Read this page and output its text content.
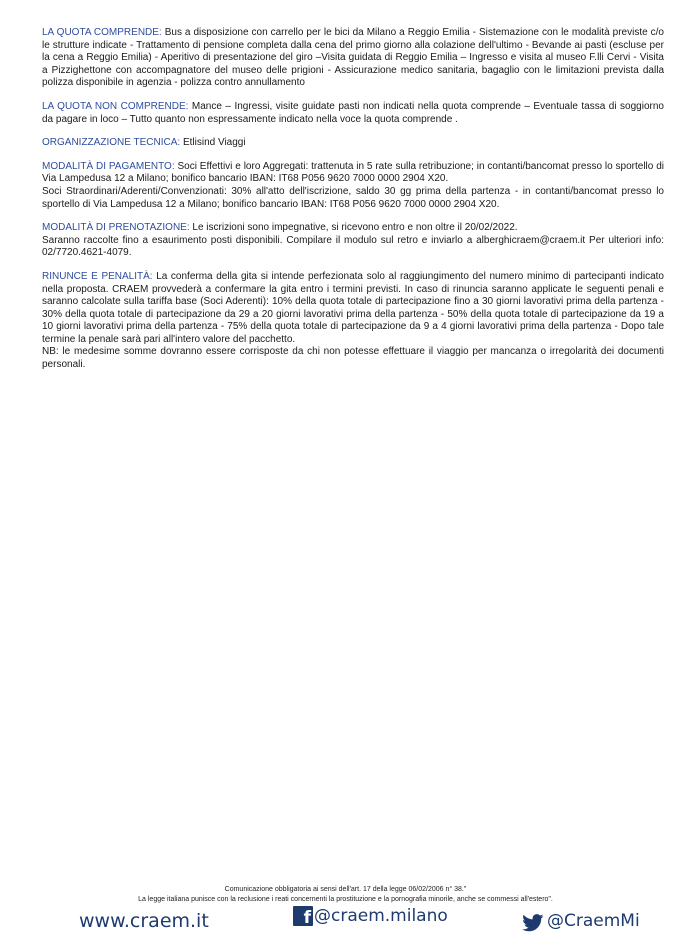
LA QUOTA COMPRENDE: Bus a disposizione con carrello per le bici da Milano a Reggio Emilia - Sistemazione con le modalità previste c/o le strutture indicate - Trattamento di pensione completa dalla cena del primo giorno alla colazione dell'ultimo - Bevande ai pasti (escluse per la cena a Reggio Emilia) - Aperitivo di presentazione del giro –Visita guidata di Reggio Emilia – Ingresso e visita al museo F.lli Cervi - Visita a Pizzighettone con accompagnatore del museo delle prigioni - Assicurazione medico sanitaria, bagaglio con le limitazioni prevista dalla polizza disponibile in agenzia - polizza contro annullamento

LA QUOTA NON COMPRENDE: Mance – Ingressi, visite guidate pasti non indicati nella quota comprende – Eventuale tassa di soggiorno da pagare in loco – Tutto quanto non espressamente indicato nella voce la quota comprende .

ORGANIZZAZIONE TECNICA: Etlisind Viaggi

MODALITÀ DI PAGAMENTO: Soci Effettivi e loro Aggregati: trattenuta in 5 rate sulla retribuzione; in contanti/bancomat presso lo sportello di Via Lampedusa 12 a Milano; bonifico bancario IBAN: IT68 P056 9620 7000 0000 2904 X20.
Soci Straordinari/Aderenti/Convenzionati: 30% all'atto dell'iscrizione, saldo 30 gg prima della partenza - in contanti/bancomat presso lo sportello di Via Lampedusa 12 a Milano; bonifico bancario IBAN: IT68 P056 9620 7000 0000 2904 X20.

MODALITÀ DI PRENOTAZIONE: Le iscrizioni sono impegnative, si ricevono entro e non oltre il 20/02/2022.
Saranno raccolte fino a esaurimento posti disponibili. Compilare il modulo sul retro e inviarlo a alberghicraem@craem.it Per ulteriori info: 02/7720.4621-4079.

RINUNCE E PENALITÀ: La conferma della gita si intende perfezionata solo al raggiungimento del numero minimo di partecipanti indicato nella proposta. CRAEM provvederà a confermare la gita entro i termini previsti. In caso di rinuncia saranno applicate le seguenti penali e saranno calcolate sulla tariffa base (Soci Aderenti): 10% della quota totale di partecipazione fino a 30 giorni lavorativi prima della partenza - 30% della quota totale di partecipazione da 29 a 20 giorni lavorativi prima della partenza - 50% della quota totale di partecipazione da 19 a 10 giorni lavorativi prima della partenza - 75% della quota totale di partecipazione da 9 a 4 giorni lavorativi prima della partenza - Dopo tale termine la penale sarà pari all'intero valore del pacchetto.
NB: le medesime somme dovranno essere corrisposte da chi non potesse effettuare il viaggio per mancanza o irregolarità dei documenti personali.

Comunicazione obbligatoria ai sensi dell'art. 17 della legge 06/02/2006 n° 38."
La legge italiana punisce con la reclusione i reati concernenti la prostituzione e la pornografia minorile, anche se commessi all'estero".
www.craem.it	f @craem.milano	@CraemMi
